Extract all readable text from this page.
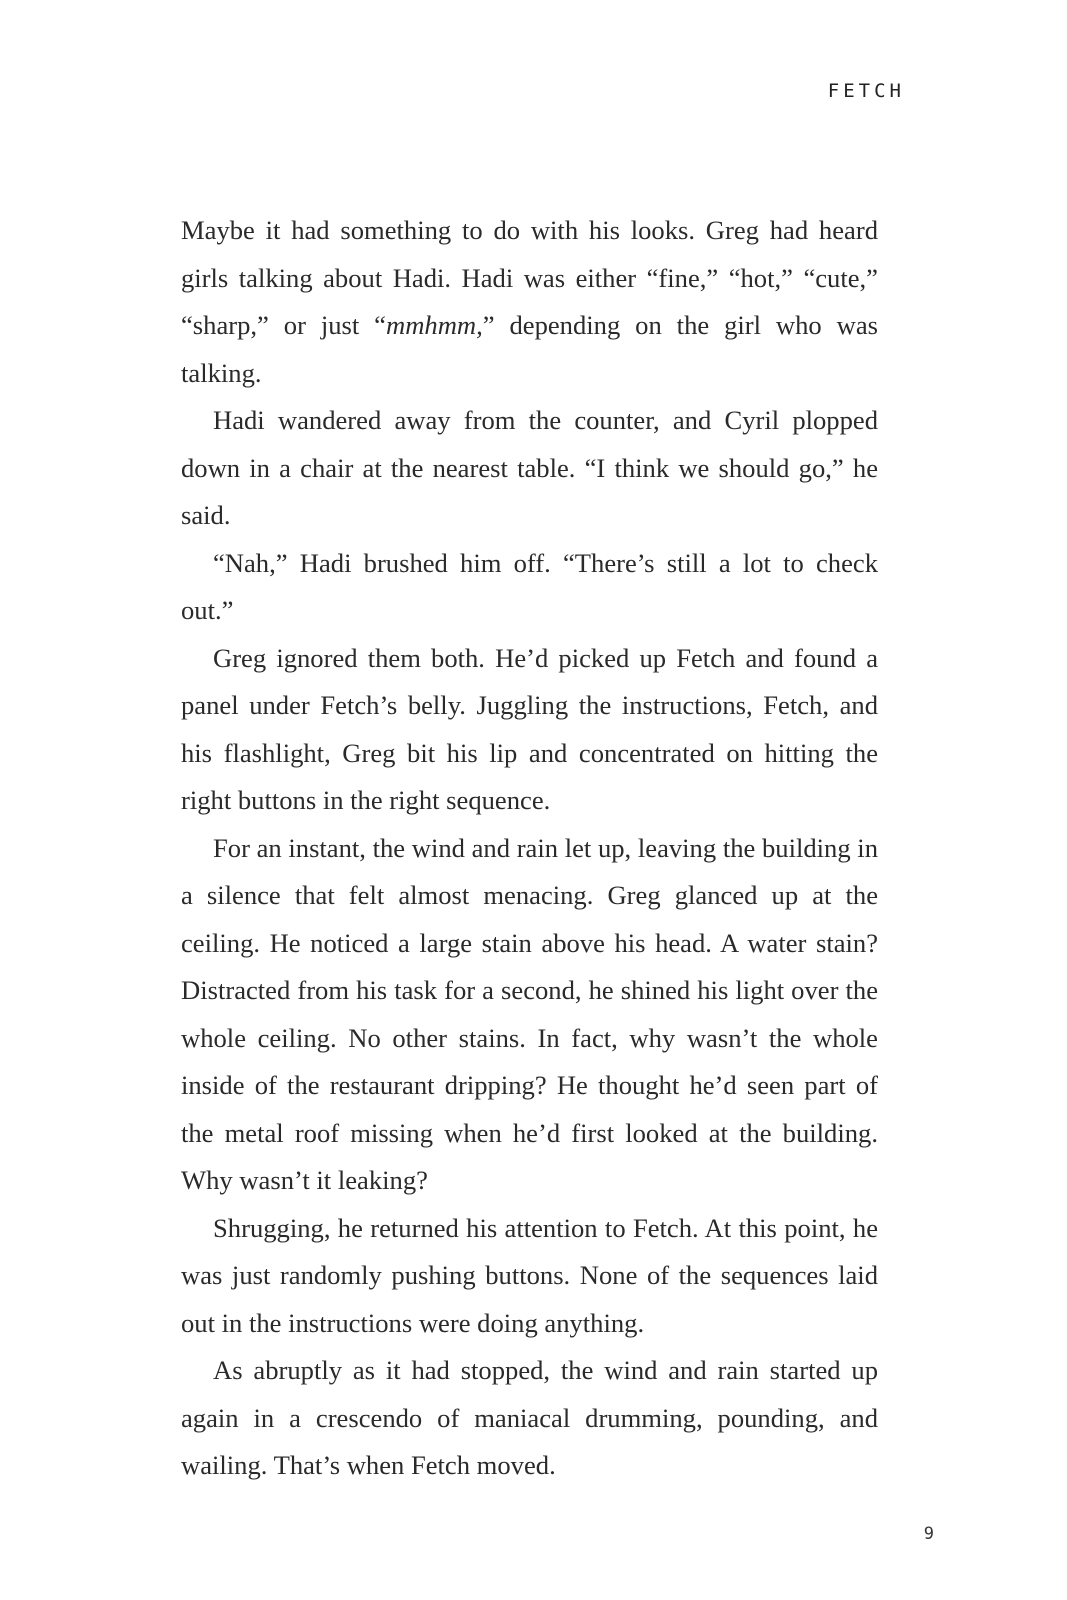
FETCH

Maybe it had something to do with his looks. Greg had heard girls talking about Hadi. Hadi was either “fine,” “hot,” “cute,” “sharp,” or just “mmhmm,” depending on the girl who was talking.

Hadi wandered away from the counter, and Cyril plopped down in a chair at the nearest table. “I think we should go,” he said.

“Nah,” Hadi brushed him off. “There’s still a lot to check out.”

Greg ignored them both. He’d picked up Fetch and found a panel under Fetch’s belly. Juggling the instructions, Fetch, and his flashlight, Greg bit his lip and concentrated on hitting the right buttons in the right sequence.

For an instant, the wind and rain let up, leaving the building in a silence that felt almost menacing. Greg glanced up at the ceiling. He noticed a large stain above his head. A water stain? Distracted from his task for a second, he shined his light over the whole ceiling. No other stains. In fact, why wasn’t the whole inside of the restaurant dripping? He thought he’d seen part of the metal roof missing when he’d first looked at the building. Why wasn’t it leaking?

Shrugging, he returned his attention to Fetch. At this point, he was just randomly pushing buttons. None of the sequences laid out in the instructions were doing anything.

As abruptly as it had stopped, the wind and rain started up again in a crescendo of maniacal drumming, pounding, and wailing. That’s when Fetch moved.

9
